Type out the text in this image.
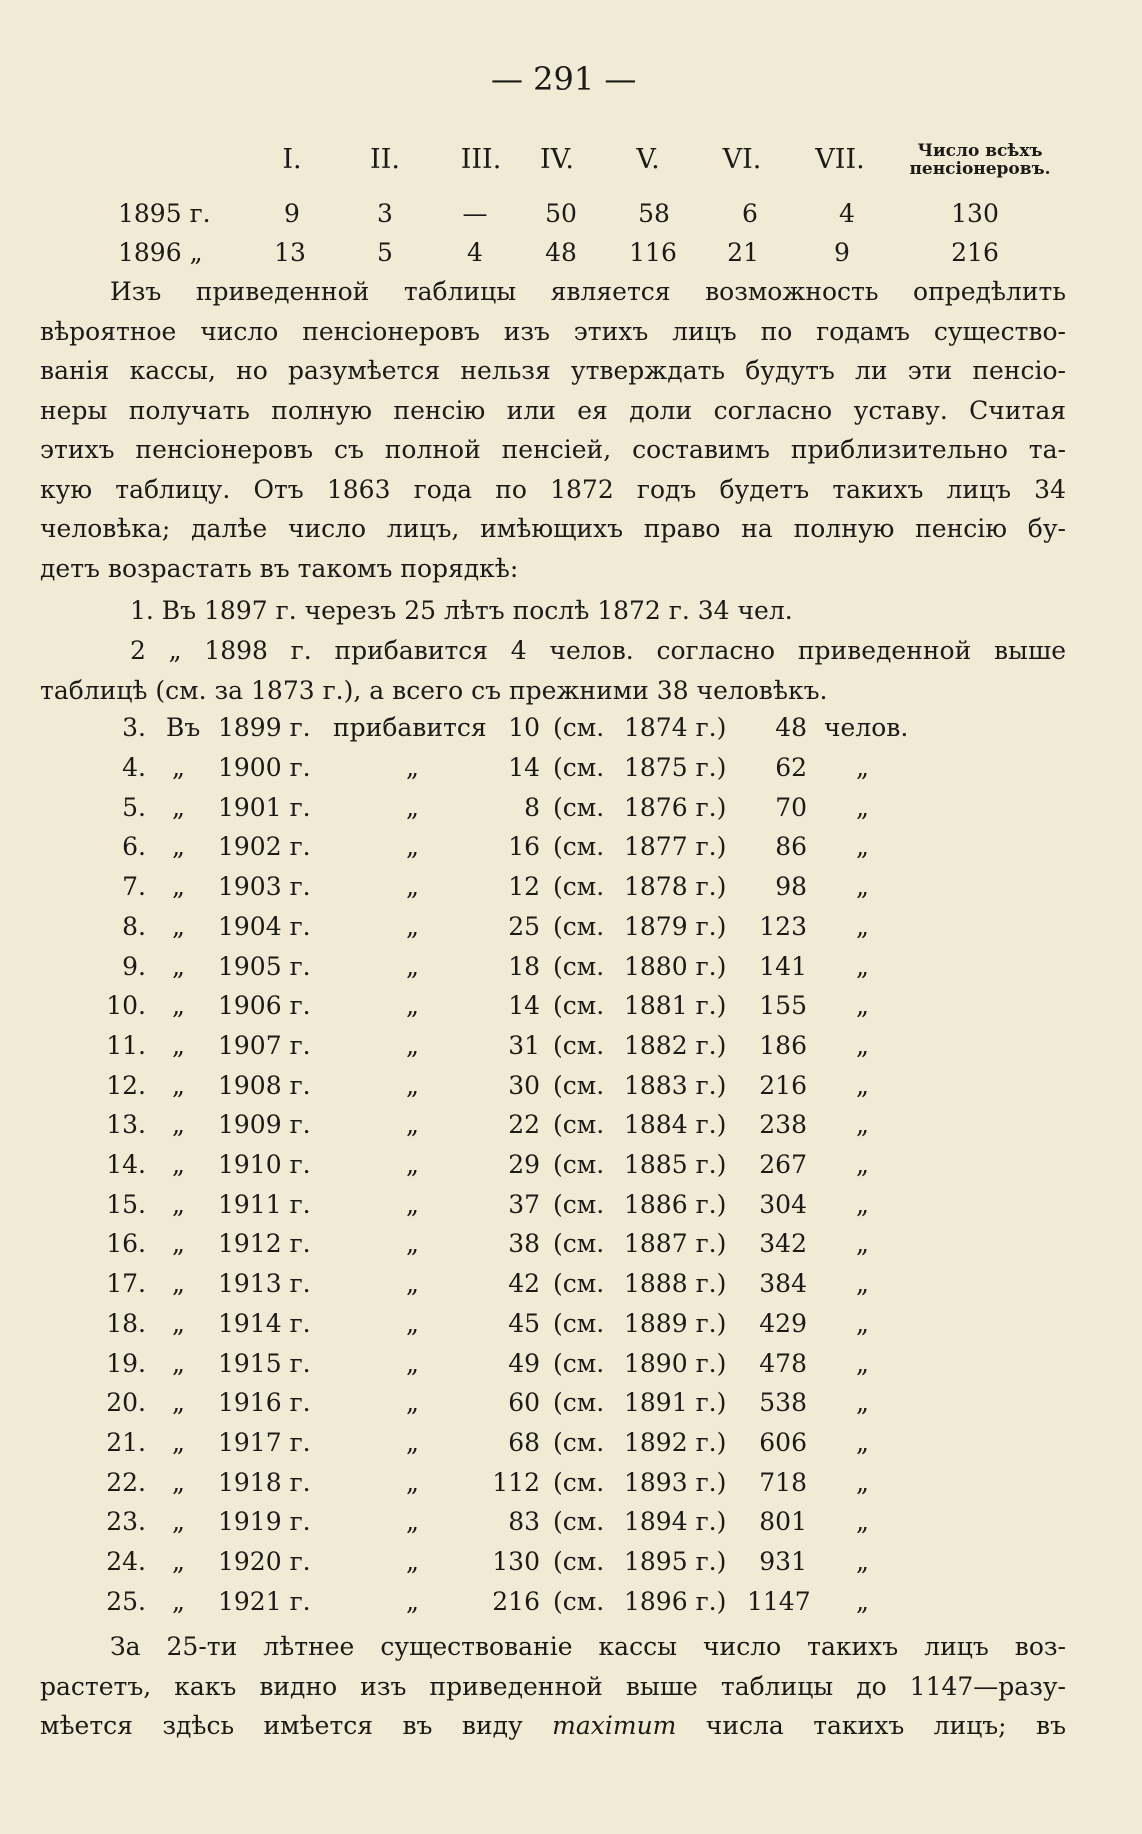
— 291 —
I.	II.	III.	IV.	V.	VI.	VII.	Число всѣхъ
пенсіонеровъ.
1895 г.	9	3	—	50	58	6	4	130
1896 „	13	5	4	48	116	21	9	216
Изъ приведенной таблицы является возможность опредѣлить
вѣроятное число пенсіонеровъ изъ этихъ лицъ по годамъ существо-
ванія кассы, но разумѣется нельзя утверждать будутъ ли эти пенсіо-
неры получать полную пенсію или ея доли согласно уставу. Считая
этихъ пенсіонеровъ съ полной пенсіей, составимъ приблизительно та-
кую таблицу. Отъ 1863 года по 1872 годъ будетъ такихъ лицъ 34
человѣка; далѣе число лицъ, имѣющихъ право на полную пенсію бу-
детъ возрастать въ такомъ порядкѣ:
1. Въ 1897 г. черезъ 25 лѣтъ послѣ 1872 г. 34 чел.
2 „ 1898 г. прибавится 4 челов. согласно приведенной выше
таблицѣ (см. за 1873 г.), а всего съ прежними 38 человѣкъ.
3. Въ 1899 г. прибавится 10 (см. 1874 г.)	48 челов.
4. „ 1900 г.	„	14 (см. 1875 г.)	62 „
5. „ 1901 г.	„	8 (см. 1876 г.)	70 „
6. „ 1902 г.	„	16 (см. 1877 г.)	86 „
7. „ 1903 г.	„	12 (см. 1878 г.)	98 „
8. „ 1904 г.	„	25 (см. 1879 г.)	123 „
9. „ 1905 г.	„	18 (см. 1880 г.)	141 „
10. „ 1906 г.	„	14 (см. 1881 г.)	155 „
11. „ 1907 г.	„	31 (см. 1882 г.)	186 „
12. „ 1908 г.	„	30 (см. 1883 г.)	216 „
13. „ 1909 г.	„	22 (см. 1884 г.)	238 „
14. „ 1910 г.	„	29 (см. 1885 г.)	267 „
15. „ 1911 г.	„	37 (см. 1886 г.)	304 „
16. „ 1912 г.	„	38 (см. 1887 г.)	342 „
17. „ 1913 г.	„	42 (см. 1888 г.)	384 „
18. „ 1914 г.	„	45 (см. 1889 г.)	429 „
19. „ 1915 г.	„	49 (см. 1890 г.)	478 „
20. „ 1916 г.	„	60 (см. 1891 г.)	538 „
21. „ 1917 г.	„	68 (см. 1892 г.)	606 „
22. „ 1918 г.	„	112 (см. 1893 г.)	718 „
23. „ 1919 г.	„	83 (см. 1894 г.)	801 „
24. „ 1920 г.	„	130 (см. 1895 г.)	931 „
25. „ 1921 г.	„	216 (см. 1896 г.) 1147 „
За 25-ти лѣтнее существованіе кассы число такихъ лицъ воз-
растетъ, какъ видно изъ приведенной выше таблицы до 1147—разу-
мѣется здѣсь имѣется въ виду maximum числа такихъ лицъ; въ
